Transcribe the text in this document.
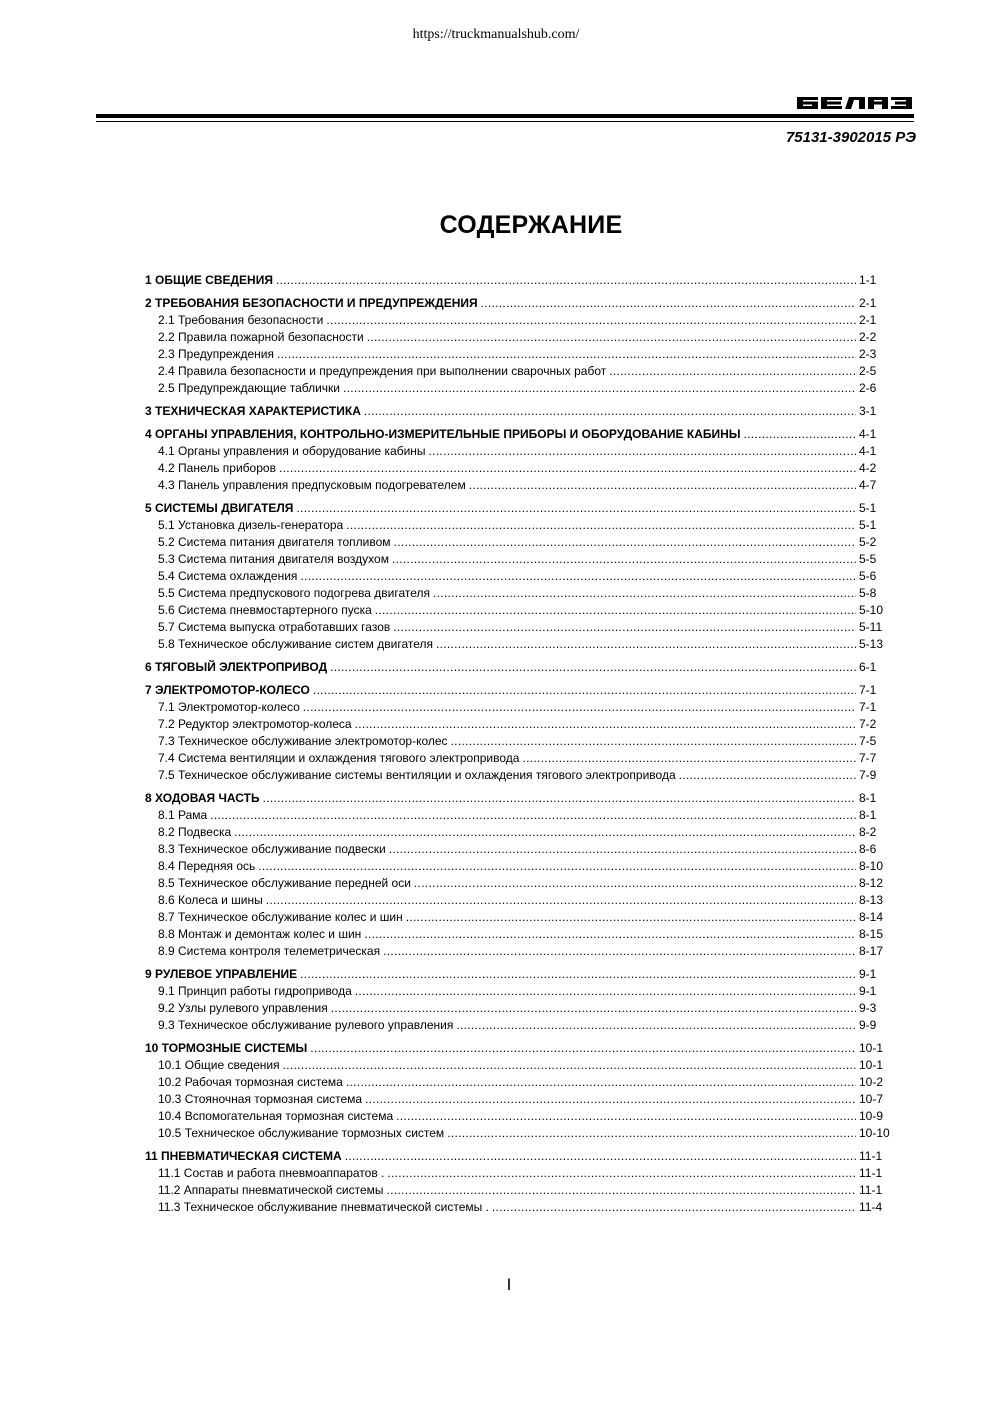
https://truckmanualshub.com/
75131-3902015 РЭ
СОДЕРЖАНИЕ
1 ОБЩИЕ СВЕДЕНИЯ .....	1-1
2 ТРЕБОВАНИЯ БЕЗОПАСНОСТИ И ПРЕДУПРЕЖДЕНИЯ .....	2-1
2.1 Требования безопасности .....	2-1
2.2 Правила пожарной безопасности .....	2-2
2.3 Предупреждения .....	2-3
2.4 Правила безопасности и предупреждения при выполнении сварочных работ .....	2-5
2.5 Предупреждающие таблички .....	2-6
3 ТЕХНИЧЕСКАЯ ХАРАКТЕРИСТИКА .....	3-1
4 ОРГАНЫ УПРАВЛЕНИЯ, КОНТРОЛЬНО-ИЗМЕРИТЕЛЬНЫЕ ПРИБОРЫ И ОБОРУДОВАНИЕ КАБИНЫ .....	4-1
4.1 Органы управления и оборудование кабины .....	4-1
4.2 Панель приборов .....	4-2
4.3 Панель управления предпусковым подогревателем .....	4-7
5 СИСТЕМЫ ДВИГАТЕЛЯ .....	5-1
5.1 Установка дизель-генератора .....	5-1
5.2 Система питания двигателя топливом .....	5-2
5.3 Система питания двигателя воздухом .....	5-5
5.4 Система охлаждения .....	5-6
5.5 Система предпускового подогрева двигателя .....	5-8
5.6 Система пневмостартерного пуска .....	5-10
5.7 Система выпуска отработавших газов .....	5-11
5.8 Техническое обслуживание систем двигателя .....	5-13
6 ТЯГОВЫЙ ЭЛЕКТРОПРИВОД .....	6-1
7 ЭЛЕКТРОМОТОР-КОЛЕСО .....	7-1
7.1 Электромотор-колесо .....	7-1
7.2 Редуктор электромотор-колеса .....	7-2
7.3 Техническое обслуживание электромотор-колес .....	7-5
7.4 Система вентиляции и охлаждения тягового электропривода .....	7-7
7.5 Техническое обслуживание системы вентиляции и охлаждения тягового электропривода .....	7-9
8 ХОДОВАЯ ЧАСТЬ .....	8-1
8.1 Рама .....	8-1
8.2 Подвеска .....	8-2
8.3 Техническое обслуживание подвески .....	8-6
8.4 Передняя ось .....	8-10
8.5 Техническое обслуживание передней оси .....	8-12
8.6 Колеса и шины .....	8-13
8.7 Техническое обслуживание колес и шин .....	8-14
8.8 Монтаж и демонтаж колес и шин .....	8-15
8.9 Система контроля телеметрическая .....	8-17
9 РУЛЕВОЕ УПРАВЛЕНИЕ .....	9-1
9.1 Принцип работы гидропривода .....	9-1
9.2 Узлы рулевого управления .....	9-3
9.3 Техническое обслуживание рулевого управления .....	9-9
10 ТОРМОЗНЫЕ СИСТЕМЫ .....	10-1
10.1 Общие сведения .....	10-1
10.2 Рабочая тормозная система .....	10-2
10.3 Стояночная тормозная система .....	10-7
10.4 Вспомогательная тормозная система .....	10-9
10.5 Техническое обслуживание тормозных систем .....	10-10
11 ПНЕВМАТИЧЕСКАЯ СИСТЕМА .....	11-1
11.1 Состав и работа пневмоаппаратов . .....	11-1
11.2 Аппараты пневматической системы .....	11-1
11.3 Техническое обслуживание пневматической системы . .....	11-4
I
